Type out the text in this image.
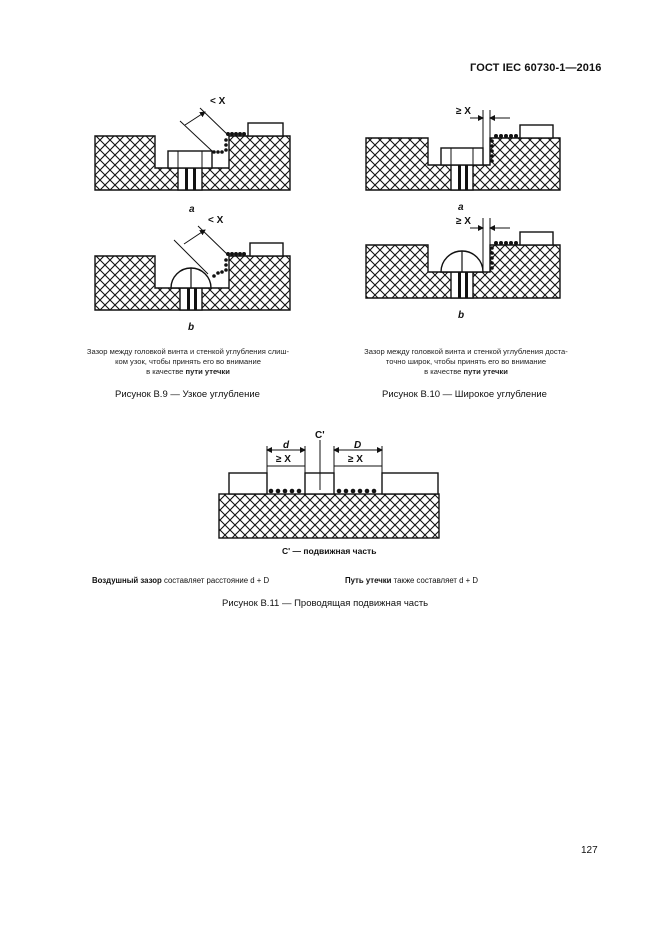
ГОСТ IEC 60730-1—2016
< X
a
< X
b
≥ X
a
≥ X
b
C'
d	D
≥ X	≥ X
Зазор между головкой винта и стенкой углубления слиш-
ком узок, чтобы принять его во внимание
в качестве пути утечки
Рисунок В.9 — Узкое углубление
Зазор между головкой винта и стенкой углубления доста-
точно широк, чтобы принять его во внимание
в качестве пути утечки
Рисунок В.10 — Широкое углубление
C' — подвижная часть
Воздушный зазор составляет расстояние d + D	Путь утечки также составляет d + D
Рисунок В.11 — Проводящая подвижная часть
127
